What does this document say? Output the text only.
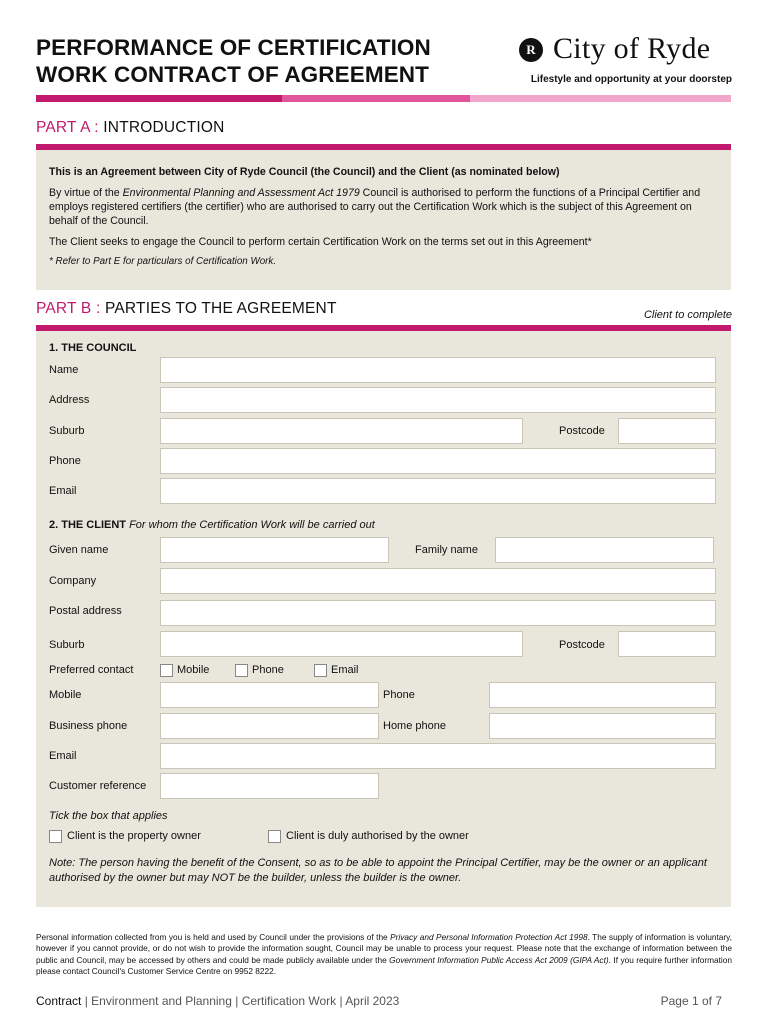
PERFORMANCE OF CERTIFICATION
WORK CONTRACT OF AGREEMENT
R City of Ryde
Lifestyle and opportunity at your doorstep
PART A : INTRODUCTION

This is an Agreement between City of Ryde Council (the Council) and the Client (as nominated below)

By virtue of the Environmental Planning and Assessment Act 1979 Council is authorised to perform the functions of a Principal Certifier and employs registered certifiers (the certifier) who are authorised to carry out the Certification Work which is the subject of this Agreement on behalf of the Council.

The Client seeks to engage the Council to perform certain Certification Work on the terms set out in this Agreement*

* Refer to Part E for particulars of Certification Work.

PART B : PARTIES TO THE AGREEMENT	Client to complete
1. THE COUNCIL
Name
Address
Suburb	Postcode
Phone
Email
2. THE CLIENT For whom the Certification Work will be carried out
Given name	Family name
Company
Postal address
Suburb	Postcode
Preferred contact	Mobile	Phone	Email
Mobile	Phone
Business phone	Home phone
Email
Customer reference
Tick the box that applies
Client is the property owner	Client is duly authorised by the owner
Note: The person having the benefit of the Consent, so as to be able to appoint the Principal Certifier, may be the owner or an applicant authorised by the owner but may NOT be the builder, unless the builder is the owner.
Personal information collected from you is held and used by Council under the provisions of the Privacy and Personal Information Protection Act 1998. The supply of information is voluntary, however if you cannot provide, or do not wish to provide the information sought, Council may be unable to process your request. Please note that the exchange of information between the public and Council, may be accessed by others and could be made publicly available under the Government Information Public Access Act 2009 (GIPA Act). If you require further information please contact Council's Customer Service Centre on 9952 8222.
Contract | Environment and Planning | Certification Work | April 2023	Page 1 of 7
